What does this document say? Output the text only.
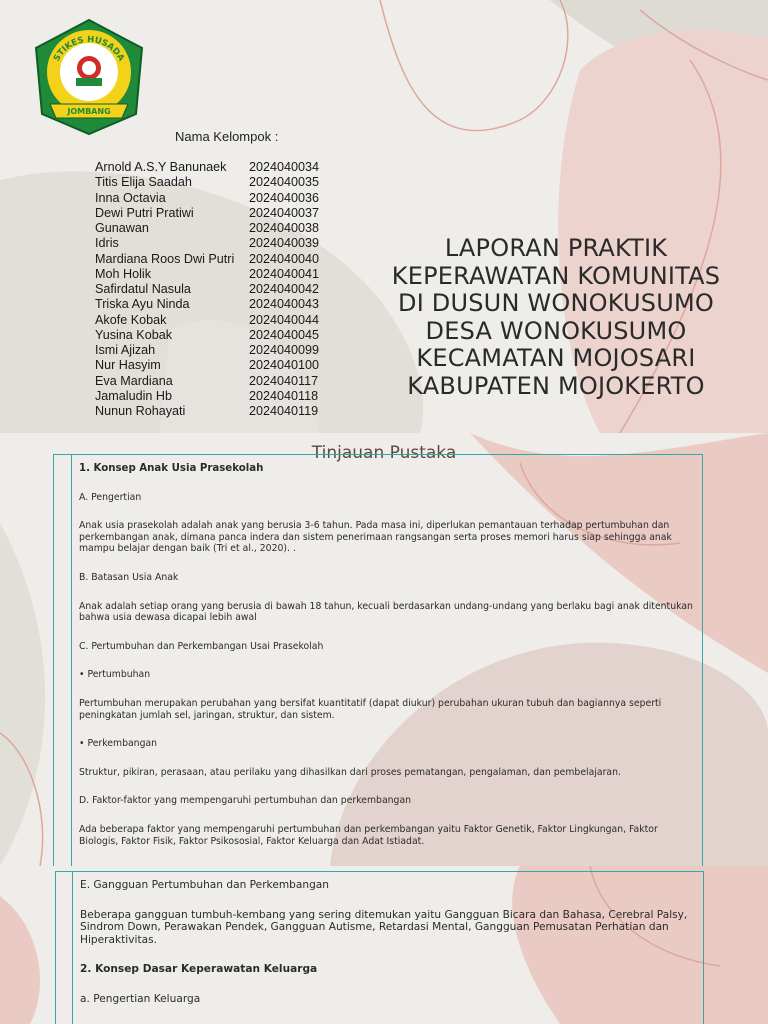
STIKES HUSADA
JOMBANG
Nama Kelompok :
Arnold A.S.Y Banunaek	2024040034
Titis Elija Saadah	2024040035
Inna Octavia	2024040036
Dewi Putri Pratiwi	2024040037
Gunawan	2024040038
Idris	2024040039
Mardiana Roos Dwi Putri	2024040040
Moh Holik	2024040041
Safirdatul Nasula	2024040042
Triska Ayu Ninda	2024040043
Akofe Kobak	2024040044
Yusina Kobak	2024040045
Ismi Ajizah	2024040099
Nur Hasyim	2024040100
Eva Mardiana	2024040117
Jamaludin Hb	2024040118
Nunun Rohayati	2024040119
LAPORAN PRAKTIK
KEPERAWATAN KOMUNITAS
DI DUSUN WONOKUSUMO
DESA WONOKUSUMO
KECAMATAN MOJOSARI
KABUPATEN MOJOKERTO
Tinjauan Pustaka

1. Konsep Anak Usia Prasekolah

A. Pengertian

Anak usia prasekolah adalah anak yang berusia 3-6 tahun. Pada masa ini, diperlukan pemantauan terhadap pertumbuhan dan perkembangan anak, dimana panca indera dan sistem penerimaan rangsangan serta proses memori harus siap sehingga anak mampu belajar dengan baik (Tri et al., 2020). .

B. Batasan Usia Anak

Anak adalah setiap orang yang berusia di bawah 18 tahun, kecuali berdasarkan undang-undang yang berlaku bagi anak ditentukan bahwa usia dewasa dicapai lebih awal

C. Pertumbuhan dan Perkembangan Usai Prasekolah

• Pertumbuhan

Pertumbuhan merupakan perubahan yang bersifat kuantitatif (dapat diukur) perubahan ukuran tubuh dan bagiannya seperti peningkatan jumlah sel, jaringan, struktur, dan sistem.

• Perkembangan

Struktur, pikiran, perasaan, atau perilaku yang dihasilkan dari proses pematangan, pengalaman, dan pembelajaran.

D. Faktor-faktor yang mempengaruhi pertumbuhan dan perkembangan

Ada beberapa faktor yang mempengaruhi pertumbuhan dan perkembangan yaitu Faktor Genetik, Faktor Lingkungan, Faktor Biologis, Faktor Fisik, Faktor Psikososial, Faktor Keluarga dan Adat Istiadat.

E. Gangguan Pertumbuhan dan Perkembangan

Beberapa gangguan tumbuh-kembang yang sering ditemukan yaitu Gangguan Bicara dan Bahasa, Cerebral Palsy, Sindrom Down, Perawakan Pendek, Gangguan Autisme, Retardasi Mental, Gangguan Pemusatan Perhatian dan Hiperaktivitas.

2. Konsep Dasar Keperawatan Keluarga

a. Pengertian Keluarga
